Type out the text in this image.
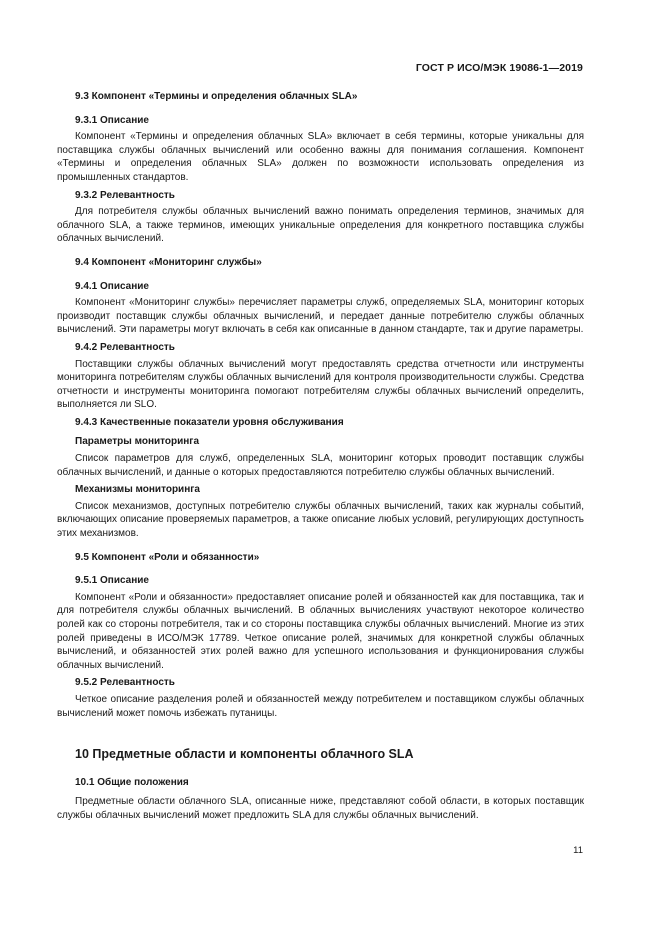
ГОСТ Р ИСО/МЭК 19086-1—2019

9.3 Компонент «Термины и определения облачных SLA»

9.3.1 Описание

Компонент «Термины и определения облачных SLA» включает в себя термины, которые уникальны для поставщика службы облачных вычислений или особенно важны для понимания соглашения. Компонент «Термины и определения облачных SLA» должен по возможности использовать определения из промышленных стандартов.

9.3.2 Релевантность

Для потребителя службы облачных вычислений важно понимать определения терминов, значимых для облачного SLA, а также терминов, имеющих уникальные определения для конкретного поставщика службы облачных вычислений.

9.4 Компонент «Мониторинг службы»

9.4.1 Описание

Компонент «Мониторинг службы» перечисляет параметры служб, определяемых SLA, мониторинг которых производит поставщик службы облачных вычислений, и передает данные потребителю службы облачных вычислений. Эти параметры могут включать в себя как описанные в данном стандарте, так и другие параметры.

9.4.2 Релевантность

Поставщики службы облачных вычислений могут предоставлять средства отчетности или инструменты мониторинга потребителям службы облачных вычислений для контроля производительности службы. Средства отчетности и инструменты мониторинга помогают потребителям службы облачных вычислений определить, выполняется ли SLO.

9.4.3 Качественные показатели уровня обслуживания

Параметры мониторинга

Список параметров для служб, определенных SLA, мониторинг которых проводит поставщик службы облачных вычислений, и данные о которых предоставляются потребителю службы облачных вычислений.

Механизмы мониторинга

Список механизмов, доступных потребителю службы облачных вычислений, таких как журналы событий, включающих описание проверяемых параметров, а также описание любых условий, регулирующих доступность этих механизмов.

9.5 Компонент «Роли и обязанности»

9.5.1 Описание

Компонент «Роли и обязанности» предоставляет описание ролей и обязанностей как для поставщика, так и для потребителя службы облачных вычислений. В облачных вычислениях участвуют некоторое количество ролей как со стороны потребителя, так и со стороны поставщика службы облачных вычислений. Многие из этих ролей приведены в ИСО/МЭК 17789. Четкое описание ролей, значимых для конкретной службы облачных вычислений, и обязанностей этих ролей важно для успешного использования и функционирования службы облачных вычислений.

9.5.2 Релевантность

Четкое описание разделения ролей и обязанностей между потребителем и поставщиком службы облачных вычислений может помочь избежать путаницы.

10 Предметные области и компоненты облачного SLA

10.1 Общие положения

Предметные области облачного SLA, описанные ниже, представляют собой области, в которых поставщик службы облачных вычислений может предложить SLA для службы облачных вычислений.

11
